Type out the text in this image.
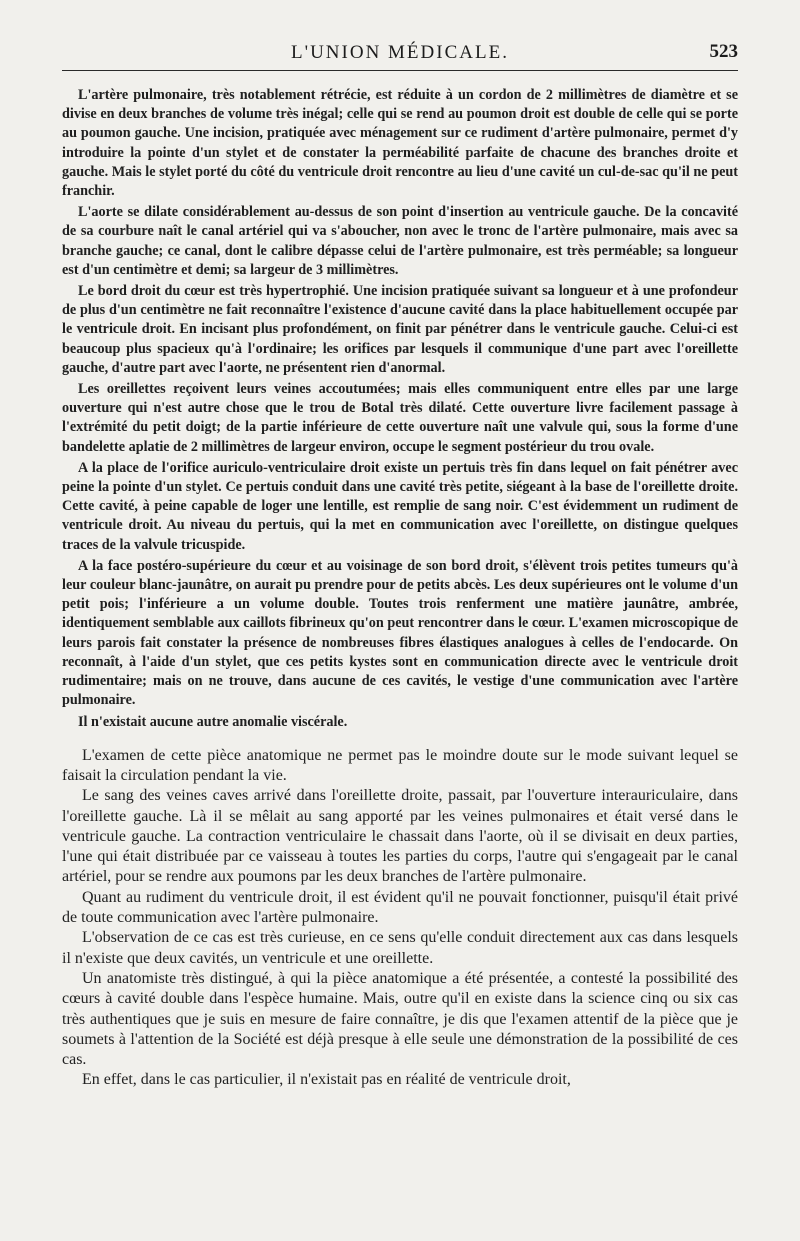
L'UNION MÉDICALE.	523

L'artère pulmonaire, très notablement rétrécie, est réduite à un cordon de 2 millimètres de diamètre et se divise en deux branches de volume très inégal; celle qui se rend au poumon droit est double de celle qui se porte au poumon gauche. Une incision, pratiquée avec ménagement sur ce rudiment d'artère pulmonaire, permet d'y introduire la pointe d'un stylet et de constater la perméabilité parfaite de chacune des branches droite et gauche. Mais le stylet porté du côté du ventricule droit rencontre au lieu d'une cavité un cul-de-sac qu'il ne peut franchir.

L'aorte se dilate considérablement au-dessus de son point d'insertion au ventricule gauche. De la concavité de sa courbure naît le canal artériel qui va s'aboucher, non avec le tronc de l'artère pulmonaire, mais avec sa branche gauche; ce canal, dont le calibre dépasse celui de l'artère pulmonaire, est très perméable; sa longueur est d'un centimètre et demi; sa largeur de 3 millimètres.

Le bord droit du cœur est très hypertrophié. Une incision pratiquée suivant sa longueur et à une profondeur de plus d'un centimètre ne fait reconnaître l'existence d'aucune cavité dans la place habituellement occupée par le ventricule droit. En incisant plus profondément, on finit par pénétrer dans le ventricule gauche. Celui-ci est beaucoup plus spacieux qu'à l'ordinaire; les orifices par lesquels il communique d'une part avec l'oreillette gauche, d'autre part avec l'aorte, ne présentent rien d'anormal.

Les oreillettes reçoivent leurs veines accoutumées; mais elles communiquent entre elles par une large ouverture qui n'est autre chose que le trou de Botal très dilaté. Cette ouverture livre facilement passage à l'extrémité du petit doigt; de la partie inférieure de cette ouverture naît une valvule qui, sous la forme d'une bandelette aplatie de 2 millimètres de largeur environ, occupe le segment postérieur du trou ovale.

A la place de l'orifice auriculo-ventriculaire droit existe un pertuis très fin dans lequel on fait pénétrer avec peine la pointe d'un stylet. Ce pertuis conduit dans une cavité très petite, siégeant à la base de l'oreillette droite. Cette cavité, à peine capable de loger une lentille, est remplie de sang noir. C'est évidemment un rudiment de ventricule droit. Au niveau du pertuis, qui la met en communication avec l'oreillette, on distingue quelques traces de la valvule tricuspide.

A la face postéro-supérieure du cœur et au voisinage de son bord droit, s'élèvent trois petites tumeurs qu'à leur couleur blanc-jaunâtre, on aurait pu prendre pour de petits abcès. Les deux supérieures ont le volume d'un petit pois; l'inférieure a un volume double. Toutes trois renferment une matière jaunâtre, ambrée, identiquement semblable aux caillots fibrineux qu'on peut rencontrer dans le cœur. L'examen microscopique de leurs parois fait constater la présence de nombreuses fibres élastiques analogues à celles de l'endocarde. On reconnaît, à l'aide d'un stylet, que ces petits kystes sont en communication directe avec le ventricule droit rudimentaire; mais on ne trouve, dans aucune de ces cavités, le vestige d'une communication avec l'artère pulmonaire.

Il n'existait aucune autre anomalie viscérale.

L'examen de cette pièce anatomique ne permet pas le moindre doute sur le mode suivant lequel se faisait la circulation pendant la vie.

Le sang des veines caves arrivé dans l'oreillette droite, passait, par l'ouverture interauriculaire, dans l'oreillette gauche. Là il se mêlait au sang apporté par les veines pulmonaires et était versé dans le ventricule gauche. La contraction ventriculaire le chassait dans l'aorte, où il se divisait en deux parties, l'une qui était distribuée par ce vaisseau à toutes les parties du corps, l'autre qui s'engageait par le canal artériel, pour se rendre aux poumons par les deux branches de l'artère pulmonaire.

Quant au rudiment du ventricule droit, il est évident qu'il ne pouvait fonctionner, puisqu'il était privé de toute communication avec l'artère pulmonaire.

L'observation de ce cas est très curieuse, en ce sens qu'elle conduit directement aux cas dans lesquels il n'existe que deux cavités, un ventricule et une oreillette.

Un anatomiste très distingué, à qui la pièce anatomique a été présentée, a contesté la possibilité des cœurs à cavité double dans l'espèce humaine. Mais, outre qu'il en existe dans la science cinq ou six cas très authentiques que je suis en mesure de faire connaître, je dis que l'examen attentif de la pièce que je soumets à l'attention de la Société est déjà presque à elle seule une démonstration de la possibilité de ces cas.

En effet, dans le cas particulier, il n'existait pas en réalité de ventricule droit,
